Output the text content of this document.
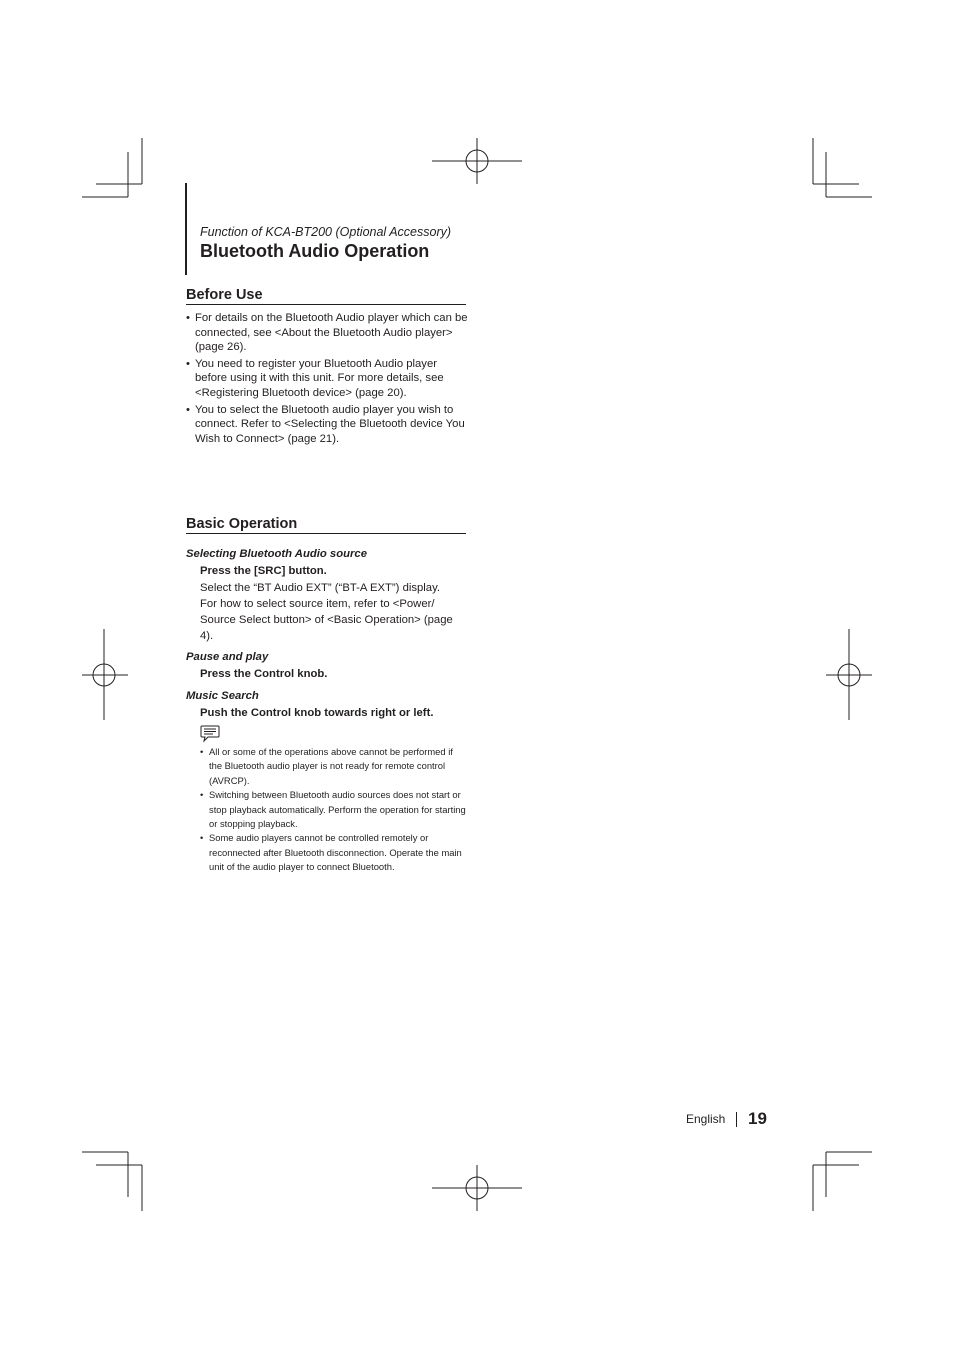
Function of KCA-BT200 (Optional Accessory)
Bluetooth Audio Operation
Before Use
• For details on the Bluetooth Audio player which can be connected, see <About the Bluetooth Audio player> (page 26).
• You need to register your Bluetooth Audio player before using it with this unit. For more details, see <Registering Bluetooth device> (page 20).
• You to select the Bluetooth audio player you wish to connect. Refer to <Selecting the Bluetooth device You Wish to Connect> (page 21).
Basic Operation
Selecting Bluetooth Audio source
Press the [SRC] button.
Select the “BT Audio EXT” (“BT-A EXT”) display.
For how to select source item, refer to <Power/ Source Select button> of <Basic Operation> (page 4).
Pause and play
Press the Control knob.
Music Search
Push the Control knob towards right or left.
• All or some of the operations above cannot be performed if the Bluetooth audio player is not ready for remote control (AVRCP).
• Switching between Bluetooth audio sources does not start or stop playback automatically. Perform the operation for starting or stopping playback.
• Some audio players cannot be controlled remotely or reconnected after Bluetooth disconnection. Operate the main unit of the audio player to connect Bluetooth.
English 19
